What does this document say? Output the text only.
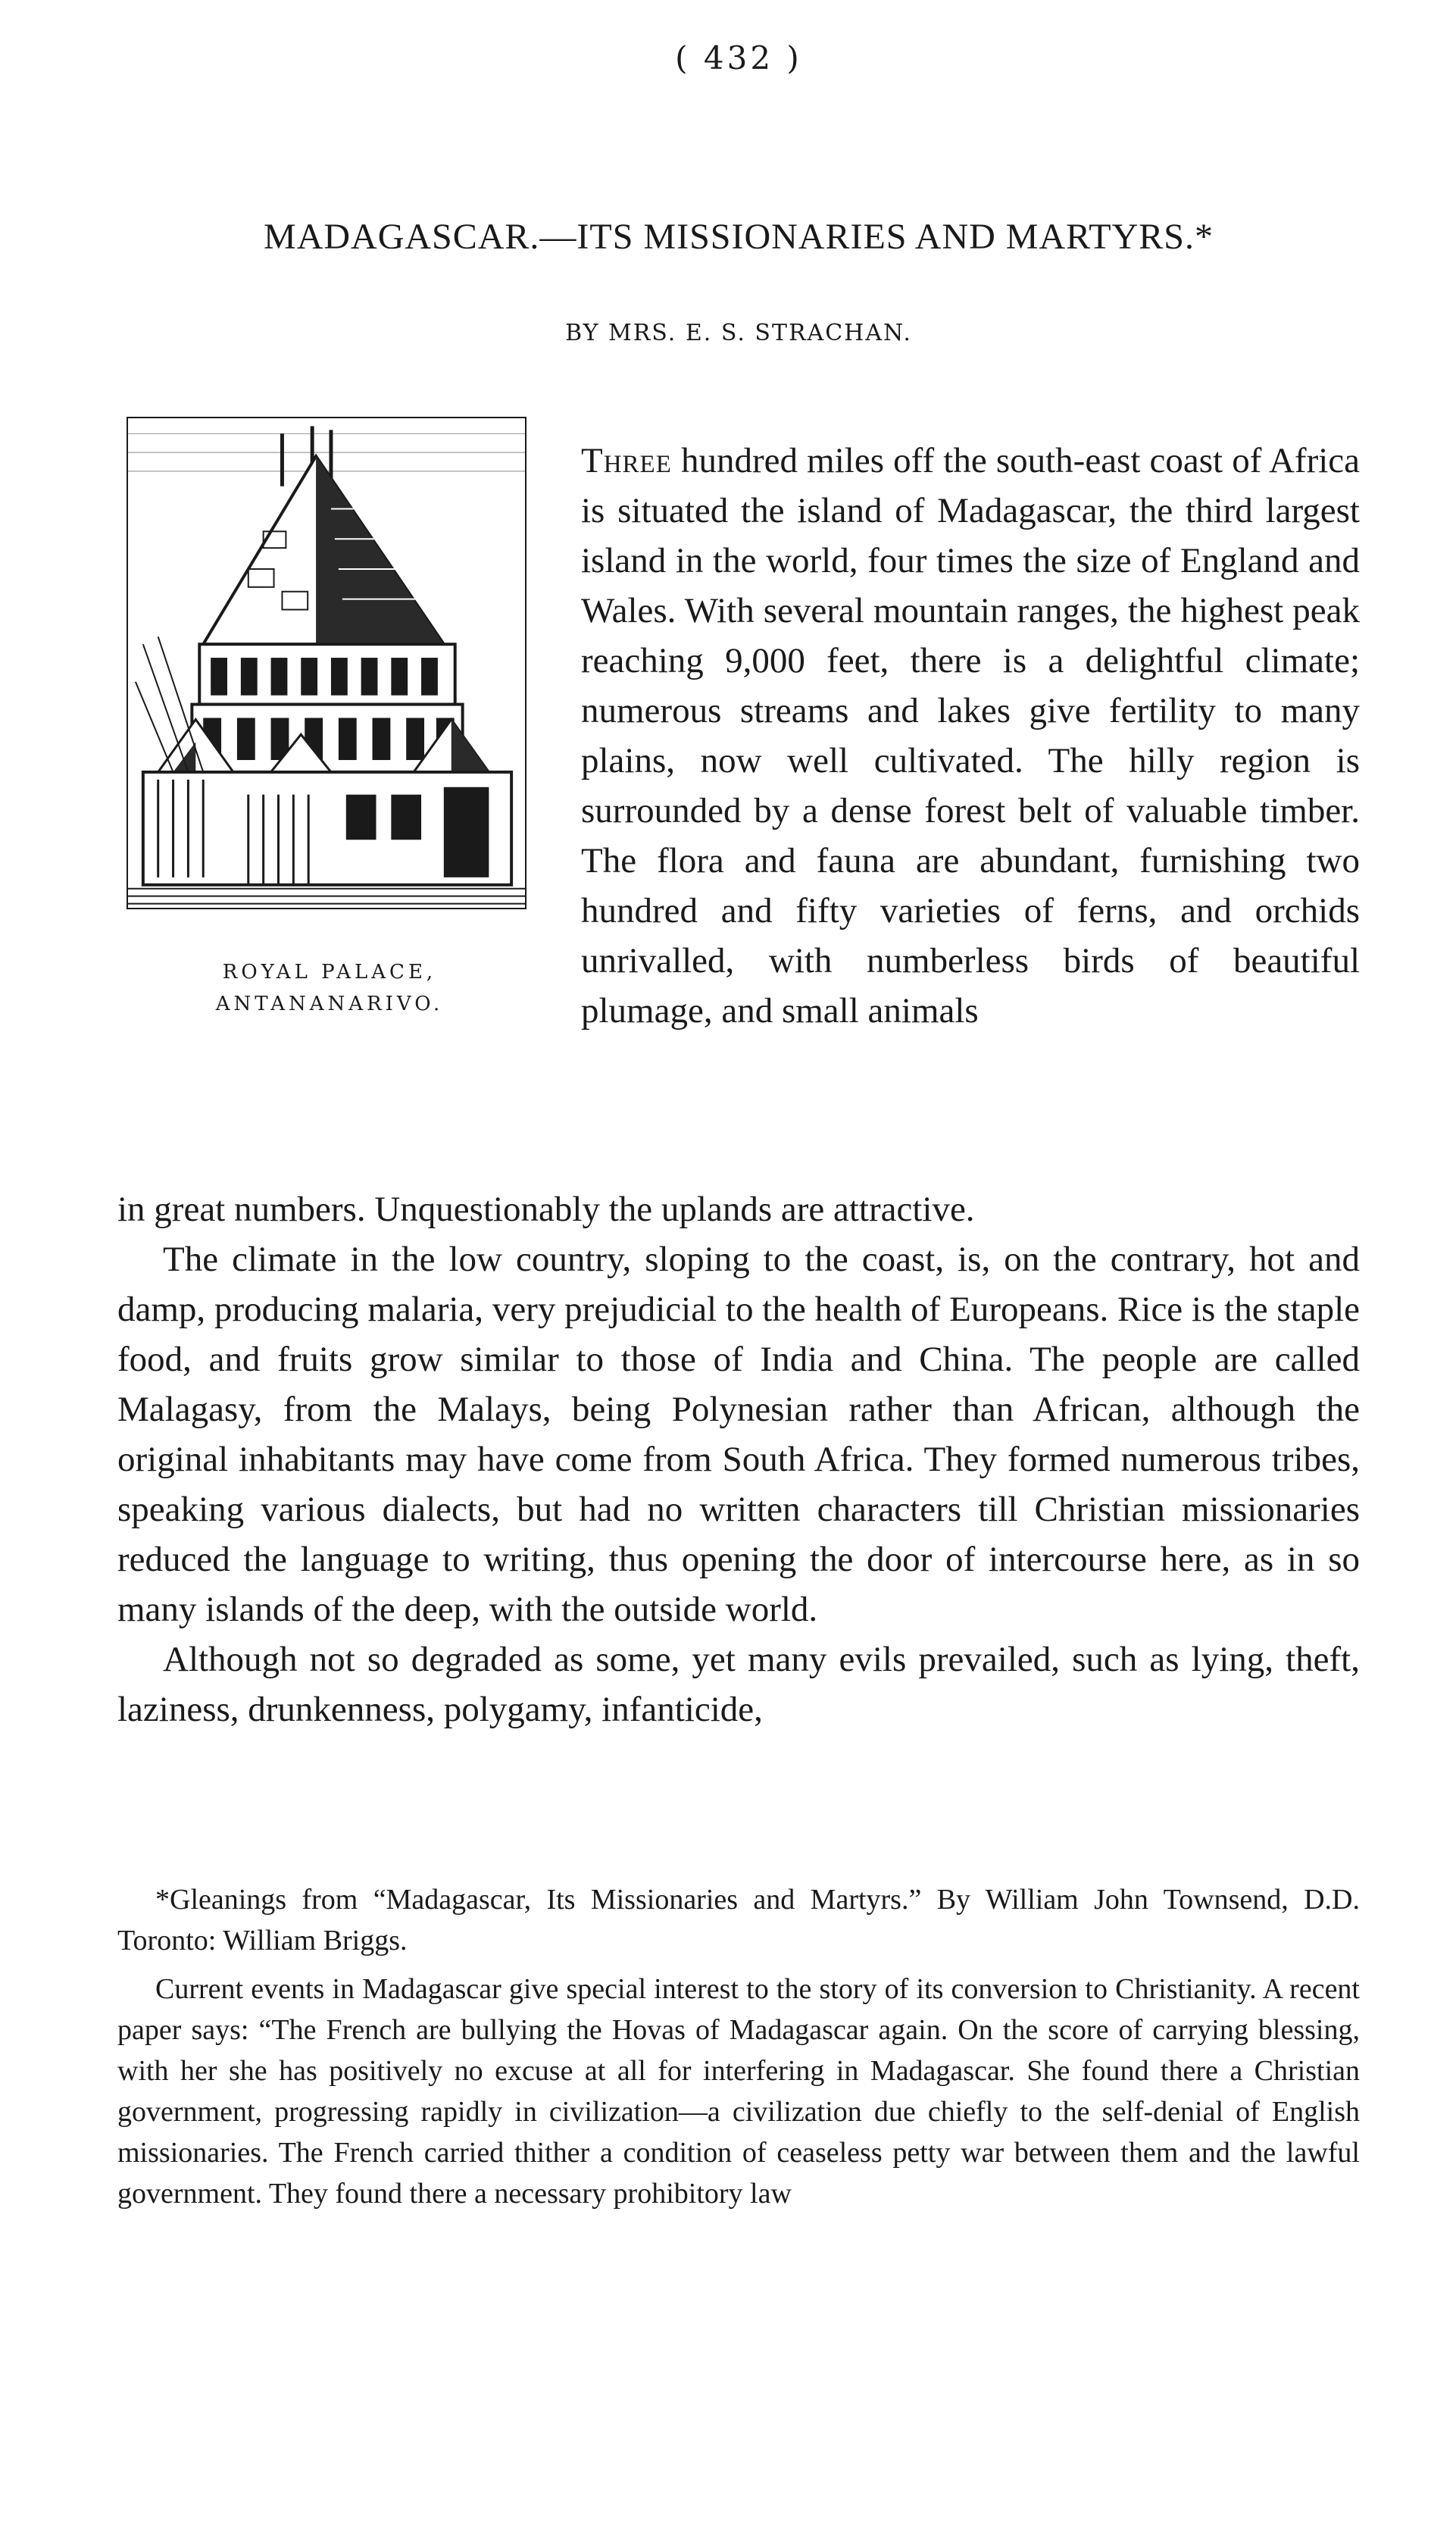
( 432 )
MADAGASCAR.—ITS MISSIONARIES AND MARTYRS.*
BY MRS. E. S. STRACHAN.
ROYAL PALACE,
ANTANANARIVO.

Three hundred miles off the south-east coast of Africa is situated the island of Madagascar, the third largest island in the world, four times the size of England and Wales. With several mountain ranges, the highest peak reaching 9,000 feet, there is a delightful climate; numerous streams and lakes give fertility to many plains, now well cultivated. The hilly region is surrounded by a dense forest belt of valuable timber. The flora and fauna are abundant, furnishing two hundred and fifty varieties of ferns, and orchids unrivalled, with numberless birds of beautiful plumage, and small animals

in great numbers. Unquestionably the uplands are attractive.

The climate in the low country, sloping to the coast, is, on the contrary, hot and damp, producing malaria, very prejudicial to the health of Europeans. Rice is the staple food, and fruits grow similar to those of India and China. The people are called Malagasy, from the Malays, being Polynesian rather than African, although the original inhabitants may have come from South Africa. They formed numerous tribes, speaking various dialects, but had no written characters till Christian missionaries reduced the language to writing, thus opening the door of intercourse here, as in so many islands of the deep, with the outside world.

Although not so degraded as some, yet many evils prevailed, such as lying, theft, laziness, drunkenness, polygamy, infanticide,

*Gleanings from “Madagascar, Its Missionaries and Martyrs.” By William John Townsend, D.D. Toronto: William Briggs.

Current events in Madagascar give special interest to the story of its conversion to Christianity. A recent paper says: “The French are bullying the Hovas of Madagascar again. On the score of carrying blessing, with her she has positively no excuse at all for interfering in Madagascar. She found there a Christian government, progressing rapidly in civilization—a civilization due chiefly to the self-denial of English missionaries. The French carried thither a condition of ceaseless petty war between them and the lawful government. They found there a necessary prohibitory law
